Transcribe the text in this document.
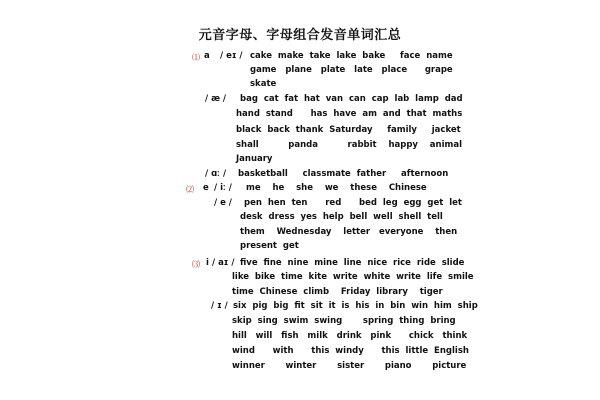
元音字母、字母组合发音单词汇总
⑴ a / eɪ / cake  make  take  lake  bake     face  name
game   plane   plate   late   place      grape
skate
/ æ / bag  cat  fat  hat  van  can  cap  lab  lamp  dad
hand  stand      has  have  am  and  that  maths
black  back  thank  Saturday     family     jacket
shall          panda          rabbit    happy    animal
January
/ ɑː / basketball     classmate  father     afternoon
⑵ e / iː / me    he    she    we    these    Chinese
/ e / pen  hen  ten      red      bed  leg  egg  get  let
desk  dress  yes  help  bell  well  shell  tell
them    Wednesday    letter   everyone    then
present  get
⑶ i / aɪ / five  fine  nine  mine  line  nice  rice  ride  slide
like  bike  time  kite  write  white  write  life  smile
time  Chinese  climb    Friday  library    tiger
/ ɪ / six  pig  big  fit  sit  it  is  his  in  bin  win  him  ship
skip  sing  swim  swing       spring  thing  bring
hill   will   fish   milk   drink   pink      chick   think
wind      with      this  windy      this  little  English
winner       winter       sister       piano       picture
